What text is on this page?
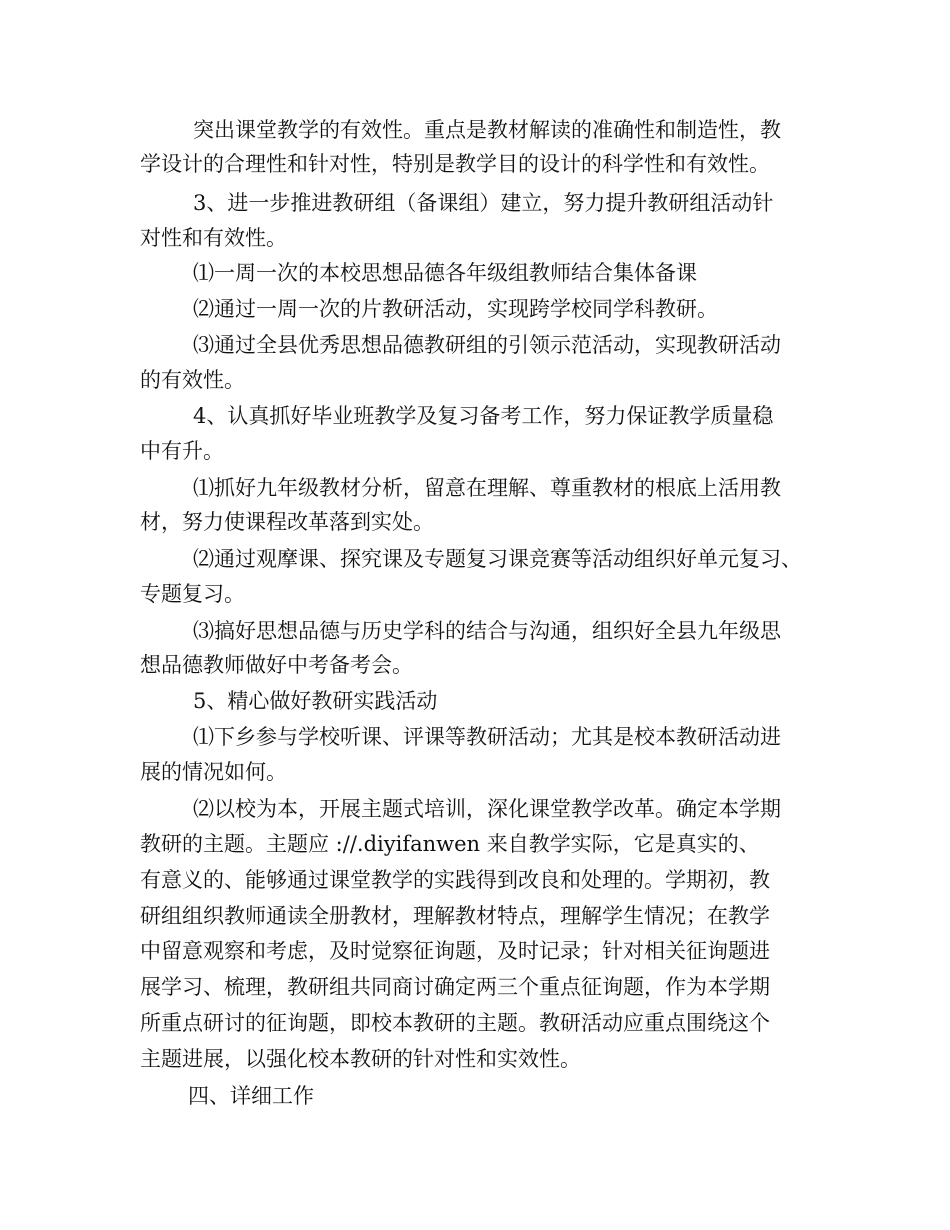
突出课堂教学的有效性。重点是教材解读的准确性和制造性，教
学设计的合理性和针对性，特别是教学目的设计的科学性和有效性。
3、进一步推进教研组（备课组）建立，努力提升教研组活动针
对性和有效性。
⑴一周一次的本校思想品德各年级组教师结合集体备课
⑵通过一周一次的片教研活动，实现跨学校同学科教研。
⑶通过全县优秀思想品德教研组的引领示范活动，实现教研活动
的有效性。
4、认真抓好毕业班教学及复习备考工作，努力保证教学质量稳
中有升。
⑴抓好九年级教材分析，留意在理解、尊重教材的根底上活用教
材，努力使课程改革落到实处。
⑵通过观摩课、探究课及专题复习课竞赛等活动组织好单元复习、
专题复习。
⑶搞好思想品德与历史学科的结合与沟通，组织好全县九年级思
想品德教师做好中考备考会。
5、精心做好教研实践活动
⑴下乡参与学校听课、评课等教研活动；尤其是校本教研活动进
展的情况如何。
⑵以校为本，开展主题式培训，深化课堂教学改革。确定本学期
教研的主题。主题应 ://.diyifanwen 来自教学实际，它是真实的、
有意义的、能够通过课堂教学的实践得到改良和处理的。学期初，教
研组组织教师通读全册教材，理解教材特点，理解学生情况；在教学
中留意观察和考虑，及时觉察征询题，及时记录；针对相关征询题进
展学习、梳理，教研组共同商讨确定两三个重点征询题，作为本学期
所重点研讨的征询题，即校本教研的主题。教研活动应重点围绕这个
主题进展，以强化校本教研的针对性和实效性。
四、详细工作
